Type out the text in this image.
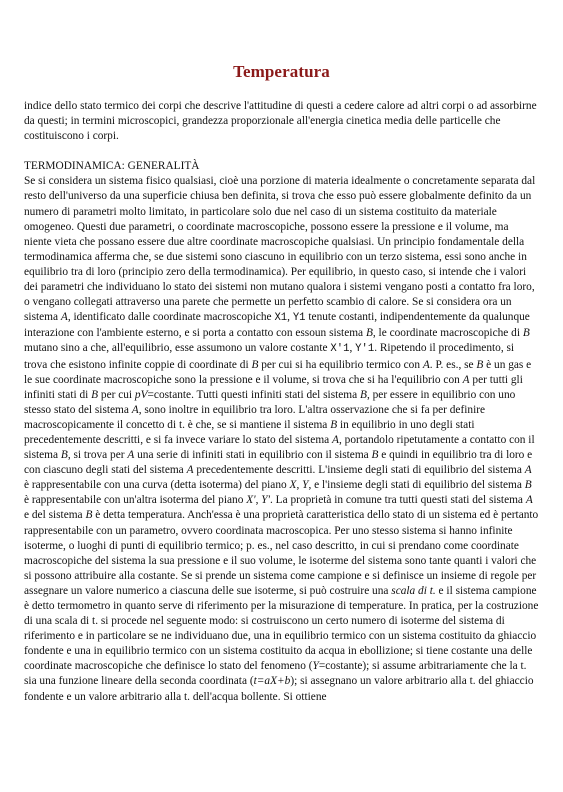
Temperatura

indice dello stato termico dei corpi che descrive l'attitudine di questi a cedere calore ad altri corpi o ad assorbirne da questi; in termini microscopici, grandezza proporzionale all'energia cinetica media delle particelle che costituiscono i corpi.

TERMODINAMICA: GENERALITÀ

Se si considera un sistema fisico qualsiasi, cioè una porzione di materia idealmente o concretamente separata dal resto dell'universo da una superficie chiusa ben definita, si trova che esso può essere globalmente definito da un numero di parametri molto limitato, in particolare solo due nel caso di un sistema costituito da materiale omogeneo. Questi due parametri, o coordinate macroscopiche, possono essere la pressione e il volume, ma niente vieta che possano essere due altre coordinate macroscopiche qualsiasi. Un principio fondamentale della termodinamica afferma che, se due sistemi sono ciascuno in equilibrio con un terzo sistema, essi sono anche in equilibrio tra di loro (principio zero della termodinamica). Per equilibrio, in questo caso, si intende che i valori dei parametri che individuano lo stato dei sistemi non mutano qualora i sistemi vengano posti a contatto fra loro, o vengano collegati attraverso una parete che permette un perfetto scambio di calore. Se si considera ora un sistema A, identificato dalle coordinate macroscopiche X1, Y1 tenute costanti, indipendentemente da qualunque interazione con l'ambiente esterno, e si porta a contatto con essoun sistema B, le coordinate macroscopiche di B mutano sino a che, all'equilibrio, esse assumono un valore costante X'1, Y'1. Ripetendo il procedimento, si trova che esistono infinite coppie di coordinate di B per cui si ha equilibrio termico con A. P. es., se B è un gas e le sue coordinate macroscopiche sono la pressione e il volume, si trova che si ha l'equilibrio con A per tutti gli infiniti stati di B per cui pV=costante. Tutti questi infiniti stati del sistema B, per essere in equilibrio con uno stesso stato del sistema A, sono inoltre in equilibrio tra loro. L'altra osservazione che si fa per definire macroscopicamente il concetto di t. è che, se si mantiene il sistema B in equilibrio in uno degli stati precedentemente descritti, e si fa invece variare lo stato del sistema A, portandolo ripetutamente a contatto con il sistema B, si trova per A una serie di infiniti stati in equilibrio con il sistema B e quindi in equilibrio tra di loro e con ciascuno degli stati del sistema A precedentemente descritti. L'insieme degli stati di equilibrio del sistema A è rappresentabile con una curva (detta isoterma) del piano X, Y, e l'insieme degli stati di equilibrio del sistema B è rappresentabile con un'altra isoterma del piano X', Y'. La proprietà in comune tra tutti questi stati del sistema A e del sistema B è detta temperatura. Anch'essa è una proprietà caratteristica dello stato di un sistema ed è pertanto rappresentabile con un parametro, ovvero coordinata macroscopica. Per uno stesso sistema si hanno infinite isoterme, o luoghi di punti di equilibrio termico; p. es., nel caso descritto, in cui si prendano come coordinate macroscopiche del sistema la sua pressione e il suo volume, le isoterme del sistema sono tante quanti i valori che si possono attribuire alla costante. Se si prende un sistema come campione e si definisce un insieme di regole per assegnare un valore numerico a ciascuna delle sue isoterme, si può costruire una scala di t. e il sistema campione è detto termometro in quanto serve di riferimento per la misurazione di temperature. In pratica, per la costruzione di una scala di t. si procede nel seguente modo: si costruiscono un certo numero di isoterme del sistema di riferimento e in particolare se ne individuano due, una in equilibrio termico con un sistema costituito da ghiaccio fondente e una in equilibrio termico con un sistema costituito da acqua in ebollizione; si tiene costante una delle coordinate macroscopiche che definisce lo stato del fenomeno (Y=costante); si assume arbitrariamente che la t. sia una funzione lineare della seconda coordinata (t=aX+b); si assegnano un valore arbitrario alla t. del ghiaccio fondente e un valore arbitrario alla t. dell'acqua bollente. Si ottiene
